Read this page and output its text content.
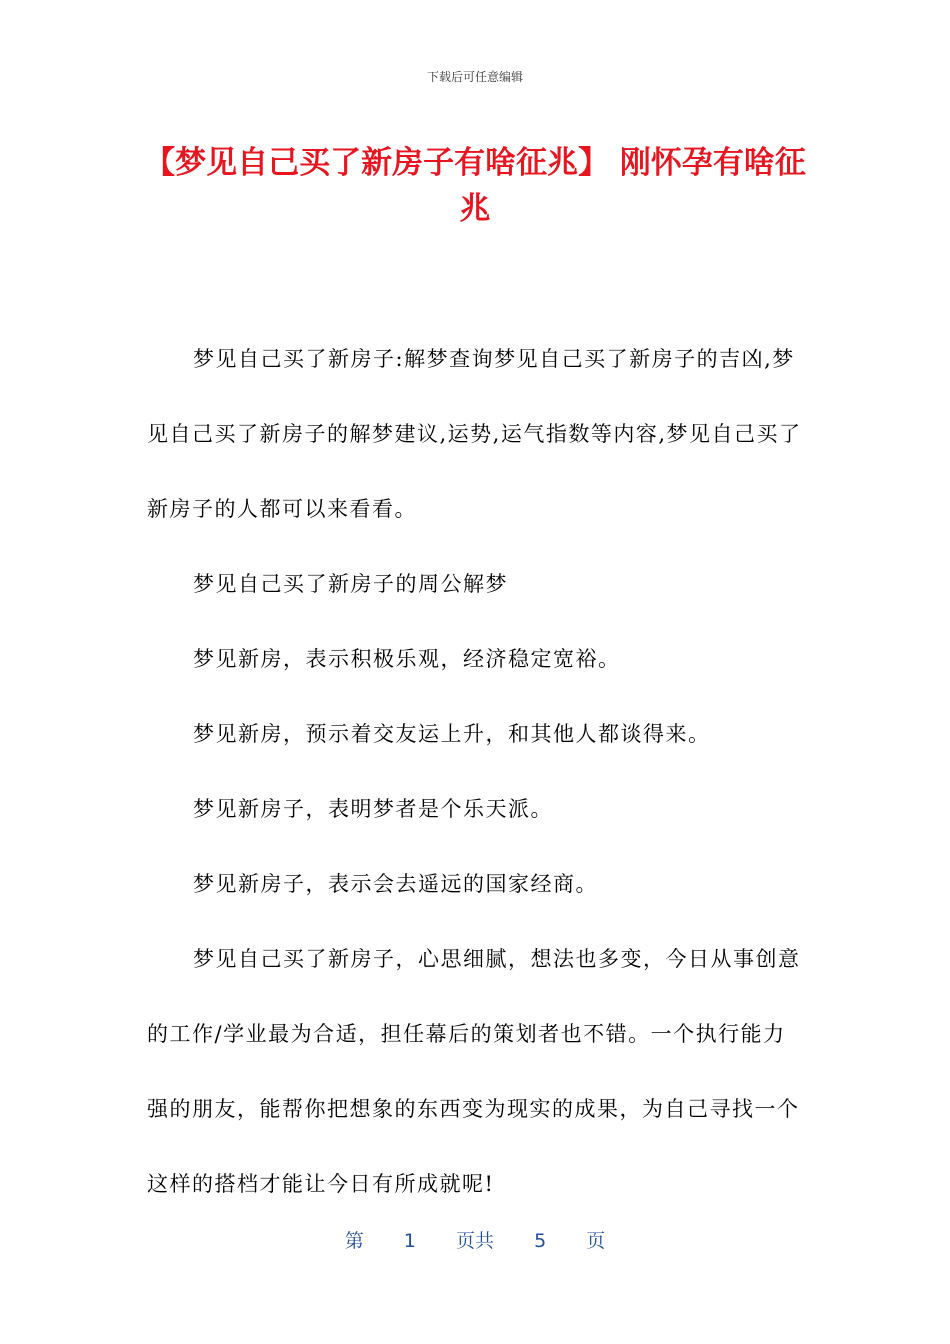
下载后可任意编辑
【梦见自己买了新房子有啥征兆】 刚怀孕有啥征兆

梦见自己买了新房子:解梦查询梦见自己买了新房子的吉凶,梦见自己买了新房子的解梦建议,运势,运气指数等内容,梦见自己买了新房子的人都可以来看看。

梦见自己买了新房子的周公解梦

梦见新房，表示积极乐观，经济稳定宽裕。

梦见新房，预示着交友运上升，和其他人都谈得来。

梦见新房子，表明梦者是个乐天派。

梦见新房子，表示会去遥远的国家经商。

梦见自己买了新房子，心思细腻，想法也多变，今日从事创意的工作/学业最为合适，担任幕后的策划者也不错。一个执行能力强的朋友，能帮你把想象的东西变为现实的成果，为自己寻找一个这样的搭档才能让今日有所成就呢!

第 1 页共 5 页
